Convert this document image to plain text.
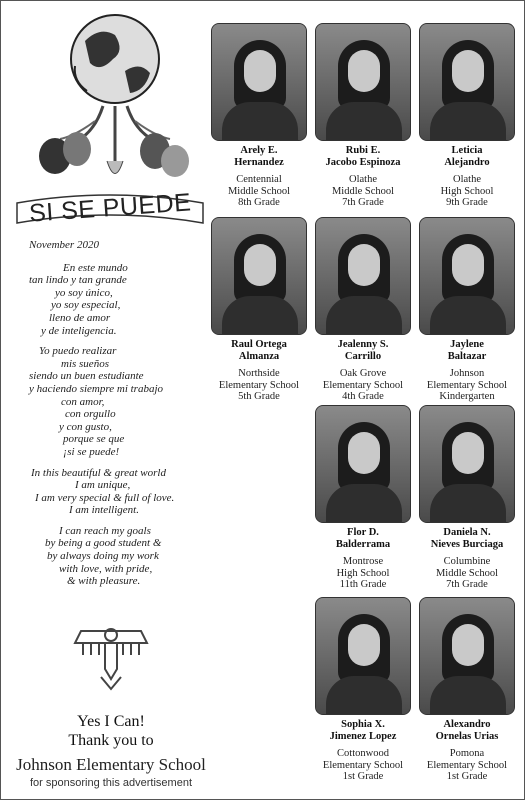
SI SE PUEDE
November 2020
En este mundo
tan lindo y tan grande
yo soy único,
yo soy especial,
lleno de amor
y de inteligencia.
Yo puedo realizar
mis sueños
siendo un buen estudiante
y haciendo siempre mi trabajo
con amor,
con orgullo
y con gusto,
porque se que
¡si se puede!
In this beautiful & great world
I am unique,
I am very special & full of love.
I am intelligent.
I can reach my goals
by being a good student &
by always doing my work
with love, with pride,
& with pleasure.
Yes I Can!
Thank you to
Johnson Elementary School
for sponsoring this advertisement
Arely E.
Hernandez
Centennial
Middle School
8th Grade
Rubi E.
Jacobo Espinoza
Olathe
Middle School
7th Grade
Leticia
Alejandro
Olathe
High School
9th Grade
Raul Ortega
Almanza
Northside
Elementary School
5th Grade
Jealenny S.
Carrillo
Oak Grove
Elementary School
4th Grade
Jaylene
Baltazar
Johnson
Elementary School
Kindergarten
Flor D.
Balderrama
Montrose
High School
11th Grade
Daniela N.
Nieves Burciaga
Columbine
Middle School
7th Grade
Sophia X.
Jimenez Lopez
Cottonwood
Elementary School
1st Grade
Alexandro
Ornelas Urias
Pomona
Elementary School
1st Grade
